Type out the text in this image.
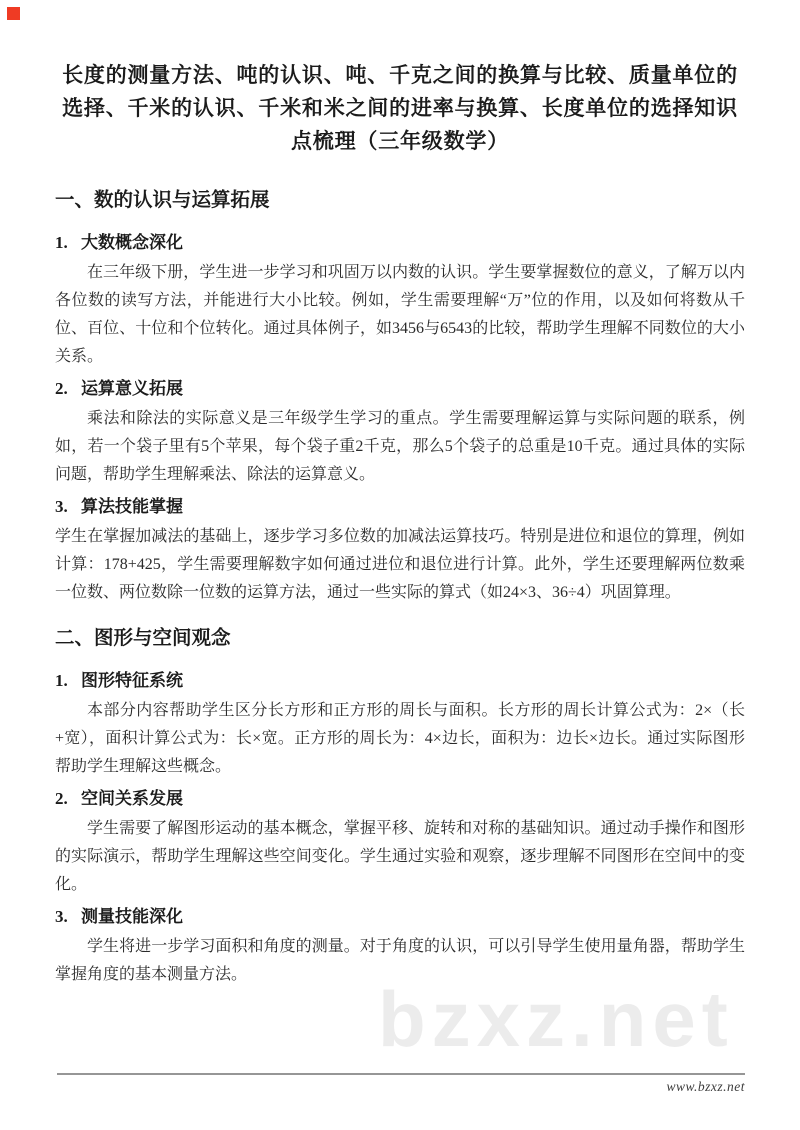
长度的测量方法、吨的认识、吨、千克之间的换算与比较、质量单位的
选择、千米的认识、千米和米之间的进率与换算、长度单位的选择知识
点梳理（三年级数学）
一、数的认识与运算拓展
1. 大数概念深化

在三年级下册，学生进一步学习和巩固万以内数的认识。学生要掌握数位的意义，了解万以内各位数的读写方法，并能进行大小比较。例如，学生需要理解“万”位的作用，以及如何将数从千位、百位、十位和个位转化。通过具体例子，如3456与6543的比较，帮助学生理解不同数位的大小关系。

2. 运算意义拓展

乘法和除法的实际意义是三年级学生学习的重点。学生需要理解运算与实际问题的联系，例如，若一个袋子里有5个苹果，每个袋子重2千克，那么5个袋子的总重是10千克。通过具体的实际问题，帮助学生理解乘法、除法的运算意义。

3. 算法技能掌握

学生在掌握加减法的基础上，逐步学习多位数的加减法运算技巧。特别是进位和退位的算理，例如计算：178+425，学生需要理解数字如何通过进位和退位进行计算。此外，学生还要理解两位数乘一位数、两位数除一位数的运算方法，通过一些实际的算式（如24×3、36÷4）巩固算理。

二、图形与空间观念
1. 图形特征系统

本部分内容帮助学生区分长方形和正方形的周长与面积。长方形的周长计算公式为：2×（长+宽），面积计算公式为：长×宽。正方形的周长为：4×边长，面积为：边长×边长。通过实际图形帮助学生理解这些概念。

2. 空间关系发展

学生需要了解图形运动的基本概念，掌握平移、旋转和对称的基础知识。通过动手操作和图形的实际演示，帮助学生理解这些空间变化。学生通过实验和观察，逐步理解不同图形在空间中的变化。

3. 测量技能深化

学生将进一步学习面积和角度的测量。对于角度的认识，可以引导学生使用量角器，帮助学生掌握角度的基本测量方法。

bzxz.net
www.bzxz.net
